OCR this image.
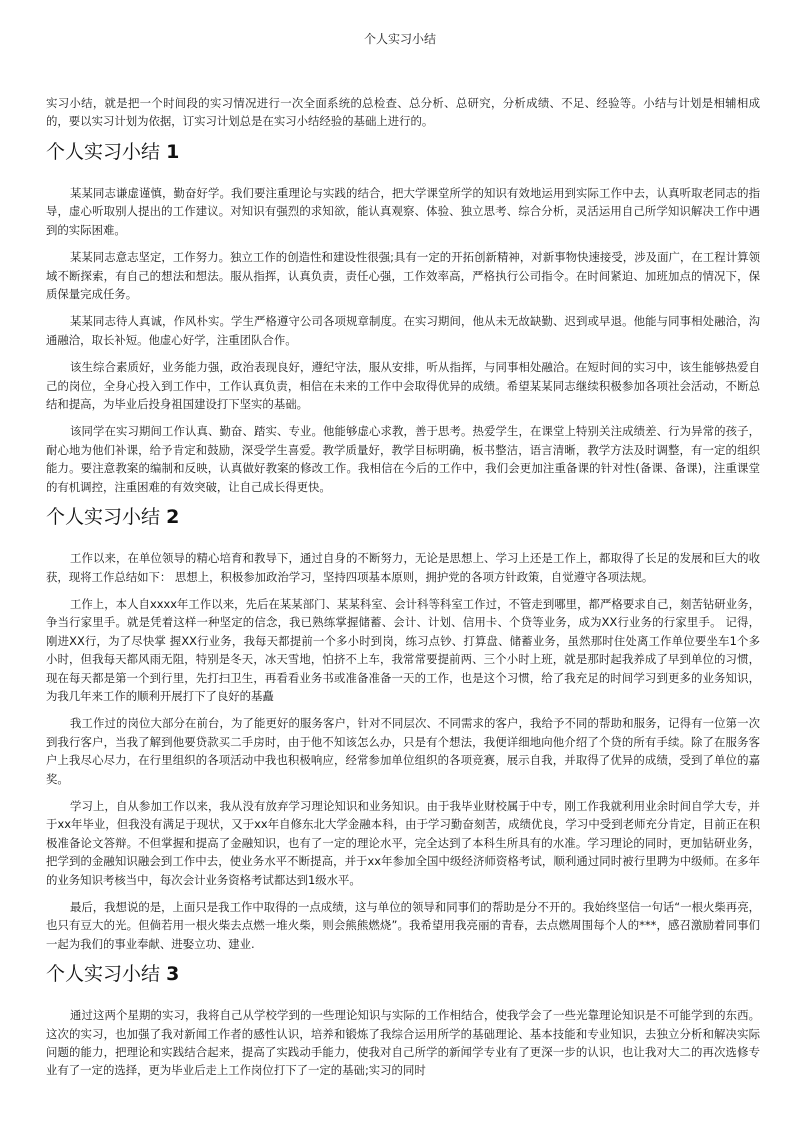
个人实习小结

实习小结，就是把一个时间段的实习情况进行一次全面系统的总检查、总分析、总研究，分析成绩、不足、经验等。小结与计划是相辅相成的，要以实习计划为依据，订实习计划总是在实习小结经验的基础上进行的。

个人实习小结 1

某某同志谦虚谨慎，勤奋好学。我们要注重理论与实践的结合，把大学课堂所学的知识有效地运用到实际工作中去，认真听取老同志的指导，虚心听取别人提出的工作建议。对知识有强烈的求知欲，能认真观察、体验、独立思考、综合分析，灵活运用自己所学知识解决工作中遇到的实际困难。

某某同志意志坚定，工作努力。独立工作的创造性和建设性很强;具有一定的开拓创新精神，对新事物快速接受，涉及面广，在工程计算领域不断探索，有自己的想法和想法。服从指挥，认真负责，责任心强，工作效率高，严格执行公司指令。在时间紧迫、加班加点的情况下，保质保量完成任务。

某某同志待人真诚，作风朴实。学生严格遵守公司各项规章制度。在实习期间，他从未无故缺勤、迟到或早退。他能与同事相处融洽，沟通融洽，取长补短。他虚心好学，注重团队合作。

该生综合素质好，业务能力强，政治表现良好，遵纪守法，服从安排，听从指挥，与同事相处融洽。在短时间的实习中，该生能够热爱自己的岗位，全身心投入到工作中，工作认真负责，相信在未来的工作中会取得优异的成绩。希望某某同志继续积极参加各项社会活动，不断总结和提高，为毕业后投身祖国建设打下坚实的基础。

该同学在实习期间工作认真、勤奋、踏实、专业。他能够虚心求教，善于思考。热爱学生，在课堂上特别关注成绩差、行为异常的孩子，耐心地为他们补课，给予肯定和鼓励，深受学生喜爱。教学质量好，教学目标明确，板书整洁，语言清晰，教学方法及时调整，有一定的组织能力。要注意教案的编制和反映，认真做好教案的修改工作。我相信在今后的工作中，我们会更加注重备课的针对性(备课、备课)，注重课堂的有机调控，注重困难的有效突破，让自己成长得更快。

个人实习小结 2

工作以来，在单位领导的精心培育和教导下，通过自身的不断努力，无论是思想上、学习上还是工作上，都取得了长足的发展和巨大的收获，现将工作总结如下： 思想上，积极参加政治学习，坚持四项基本原则，拥护党的各项方针政策，自觉遵守各项法规。

工作上，本人自xxxx年工作以来，先后在某某部门、某某科室、会计科等科室工作过，不管走到哪里，都严格要求自己，刻苦钻研业务，争当行家里手。就是凭着这样一种坚定的信念，我已熟练掌握储蓄、会计、计划、信用卡、个贷等业务，成为XX行业务的行家里手。 记得，刚进XX行，为了尽快掌 握XX行业务，我每天都提前一个多小时到岗，练习点钞、打算盘、储蓄业务，虽然那时住处离工作单位要坐车1个多小时，但我每天都风雨无阻，特别是冬天，冰天雪地，怕挤不上车，我常常要提前两、三个小时上班，就是那时起我养成了早到单位的习惯，现在每天都是第一个到行里，先打扫卫生，再看看业务书或准备准备一天的工作，也是这个习惯，给了我充足的时间学习到更多的业务知识，为我几年来工作的顺利开展打下了良好的基矗

我工作过的岗位大部分在前台，为了能更好的服务客户，针对不同层次、不同需求的客户，我给予不同的帮助和服务，记得有一位第一次到我行客户，当我了解到他要贷款买二手房时，由于他不知该怎么办，只是有个想法，我便详细地向他介绍了个贷的所有手续。除了在服务客户上我尽心尽力，在行里组织的各项活动中我也积极响应，经常参加单位组织的各项竞赛，展示自我，并取得了优异的成绩，受到了单位的嘉奖。

学习上，自从参加工作以来，我从没有放弃学习理论知识和业务知识。由于我毕业财校属于中专，刚工作我就利用业余时间自学大专，并于xx年毕业，但我没有满足于现状，又于xx年自修东北大学金融本科，由于学习勤奋刻苦，成绩优良，学习中受到老师充分肯定，目前正在积极准备论文答辩。不但掌握和提高了金融知识，也有了一定的理论水平，完全达到了本科生所具有的水准。学习理论的同时，更加钻研业务，把学到的金融知识融会到工作中去，使业务水平不断提高，并于xx年参加全国中级经济师资格考试，顺利通过同时被行里聘为中级师。在多年的业务知识考核当中，每次会计业务资格考试都达到1级水平。

最后，我想说的是，上面只是我工作中取得的一点成绩，这与单位的领导和同事们的帮助是分不开的。我始终坚信一句话“一根火柴再亮，也只有豆大的光。但倘若用一根火柴去点燃一堆火柴，则会熊熊燃烧”。我希望用我亮丽的青春，去点燃周围每个人的***，感召激励着同事们一起为我们的事业奉献、进娶立功、建业.

个人实习小结 3

通过这两个星期的实习，我将自己从学校学到的一些理论知识与实际的工作相结合，使我学会了一些光靠理论知识是不可能学到的东西。这次的实习，也加强了我对新闻工作者的感性认识，培养和锻炼了我综合运用所学的基础理论、基本技能和专业知识，去独立分析和解决实际问题的能力，把理论和实践结合起来，提高了实践动手能力，使我对自己所学的新闻学专业有了更深一步的认识，也让我对大二的再次选修专业有了一定的选择，更为毕业后走上工作岗位打下了一定的基础;实习的同时
